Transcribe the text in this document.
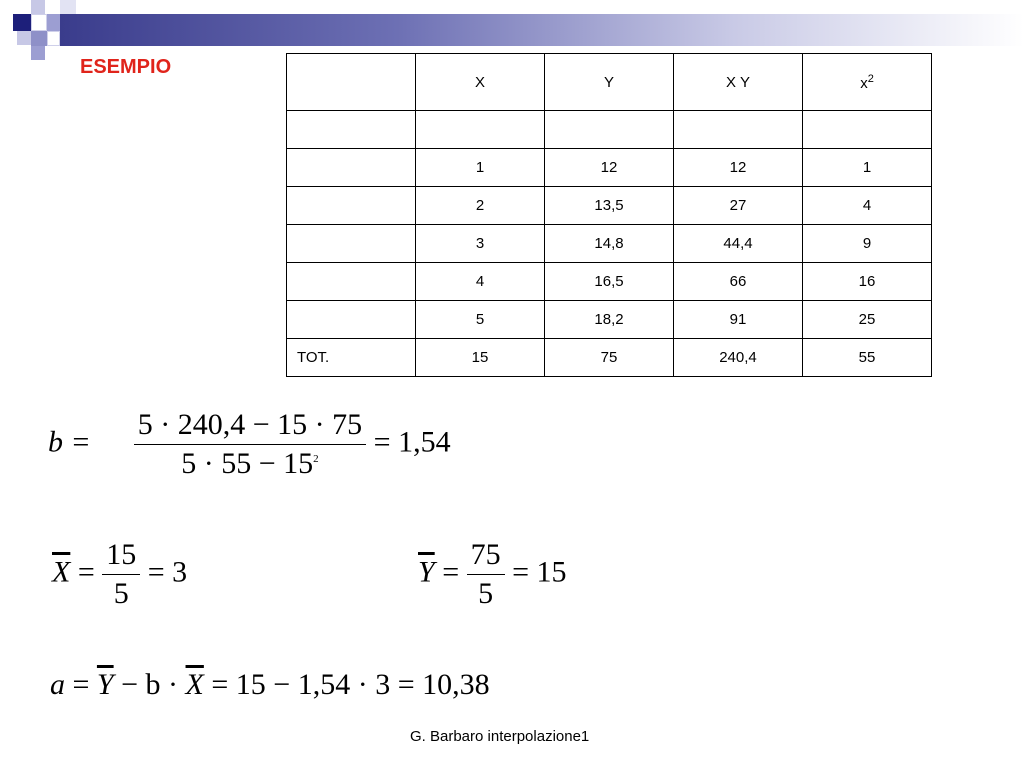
ESEMPIO
	X	Y	X Y	$x^2$

	1	12	12	1
	2	13,5	27	4
	3	14,8	44,4	9
	4	16,5	66	16
	5	18,2	91	25
TOT.	15	75	240,4	55
$b = \frac{5 \cdot 240,4 - 15 \cdot 75}{5 \cdot 55 - 15^2} = 1,54$
$\overline{X} = \frac{15}{5} = 3$	$\overline{Y} = \frac{75}{5} = 15$
$a = \overline{Y} - b \cdot \overline{X} = 15 - 1,54 \cdot 3 = 10,38$
G. Barbaro interpolazione1
